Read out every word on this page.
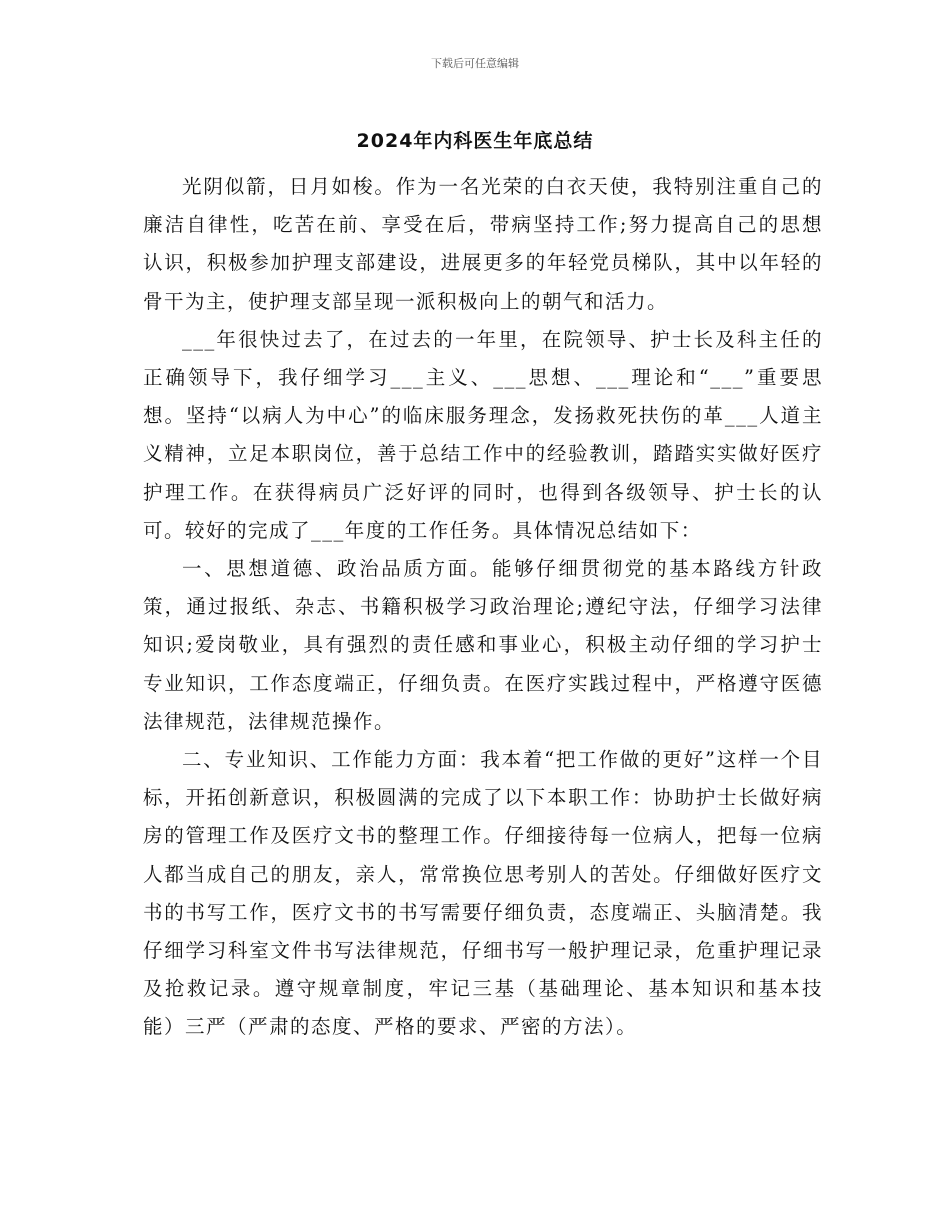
下载后可任意编辑
2024年内科医生年底总结

光阴似箭，日月如梭。作为一名光荣的白衣天使，我特别注重自己的廉洁自律性，吃苦在前、享受在后，带病坚持工作;努力提高自己的思想认识，积极参加护理支部建设，进展更多的年轻党员梯队，其中以年轻的骨干为主，使护理支部呈现一派积极向上的朝气和活力。

___年很快过去了，在过去的一年里，在院领导、护士长及科主任的正确领导下，我仔细学习___主义、___思想、___理论和“___”重要思想。坚持“以病人为中心”的临床服务理念，发扬救死扶伤的革___人道主义精神，立足本职岗位，善于总结工作中的经验教训，踏踏实实做好医疗护理工作。在获得病员广泛好评的同时，也得到各级领导、护士长的认可。较好的完成了___年度的工作任务。具体情况总结如下：

一、思想道德、政治品质方面。能够仔细贯彻党的基本路线方针政策，通过报纸、杂志、书籍积极学习政治理论;遵纪守法，仔细学习法律知识;爱岗敬业，具有强烈的责任感和事业心，积极主动仔细的学习护士专业知识，工作态度端正，仔细负责。在医疗实践过程中，严格遵守医德法律规范，法律规范操作。

二、专业知识、工作能力方面：我本着“把工作做的更好”这样一个目标，开拓创新意识，积极圆满的完成了以下本职工作：协助护士长做好病房的管理工作及医疗文书的整理工作。仔细接待每一位病人，把每一位病人都当成自己的朋友，亲人，常常换位思考别人的苦处。仔细做好医疗文书的书写工作，医疗文书的书写需要仔细负责，态度端正、头脑清楚。我仔细学习科室文件书写法律规范，仔细书写一般护理记录，危重护理记录及抢救记录。遵守规章制度，牢记三基（基础理论、基本知识和基本技能）三严（严肃的态度、严格的要求、严密的方法）。
